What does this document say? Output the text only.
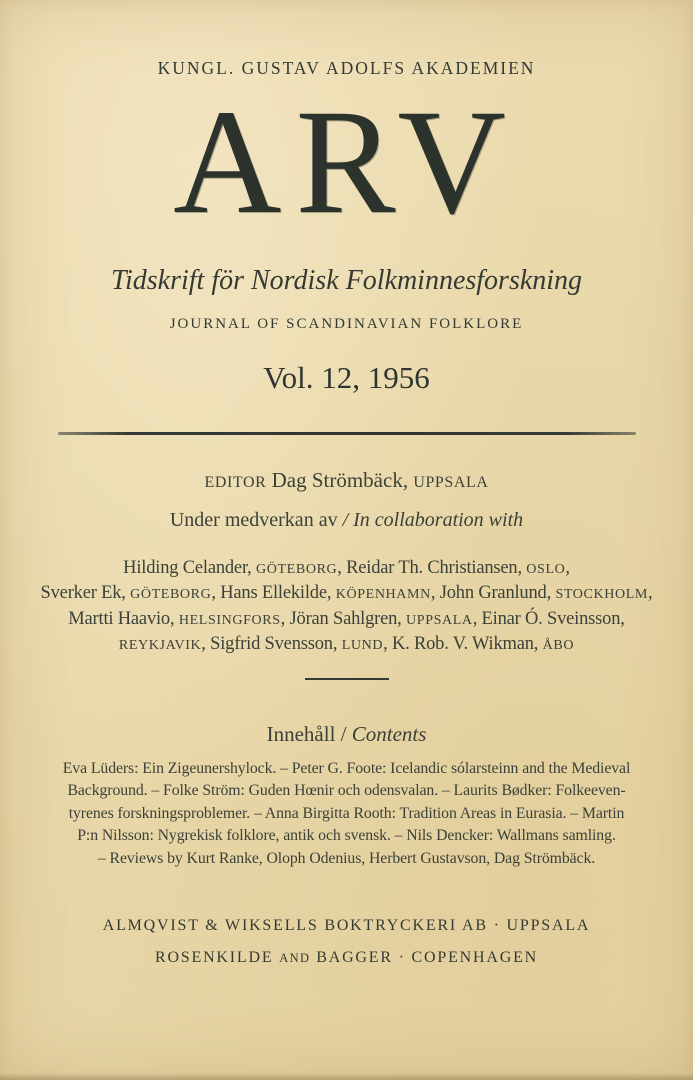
KUNGL. GUSTAV ADOLFS AKADEMIEN
ARV
Tidskrift för Nordisk Folkminnesforskning
JOURNAL OF SCANDINAVIAN FOLKLORE
Vol. 12, 1956
EDITOR Dag Strömbäck, UPPSALA
Under medverkan av / In collaboration with
Hilding Celander, GÖTEBORG, Reidar Th. Christiansen, OSLO,
Sverker Ek, GÖTEBORG, Hans Ellekilde, KÖPENHAMN, John Granlund, STOCKHOLM,
Martti Haavio, HELSINGFORS, Jöran Sahlgren, UPPSALA, Einar Ó. Sveinsson,
REYKJAVIK, Sigfrid Svensson, LUND, K. Rob. V. Wikman, ÅBO
Innehåll / Contents
Eva Lüders: Ein Zigeunershylock. – Peter G. Foote: Icelandic sólarsteinn and the Medieval
Background. – Folke Ström: Guden Hœnir och odensvalan. – Laurits Bødker: Folkeeven-
tyrenes forskningsproblemer. – Anna Birgitta Rooth: Tradition Areas in Eurasia. – Martin
P:n Nilsson: Nygrekisk folklore, antik och svensk. – Nils Dencker: Wallmans samling.
– Reviews by Kurt Ranke, Oloph Odenius, Herbert Gustavson, Dag Strömbäck.
ALMQVIST & WIKSELLS BOKTRYCKERI AB · UPPSALA
ROSENKILDE AND BAGGER · COPENHAGEN
